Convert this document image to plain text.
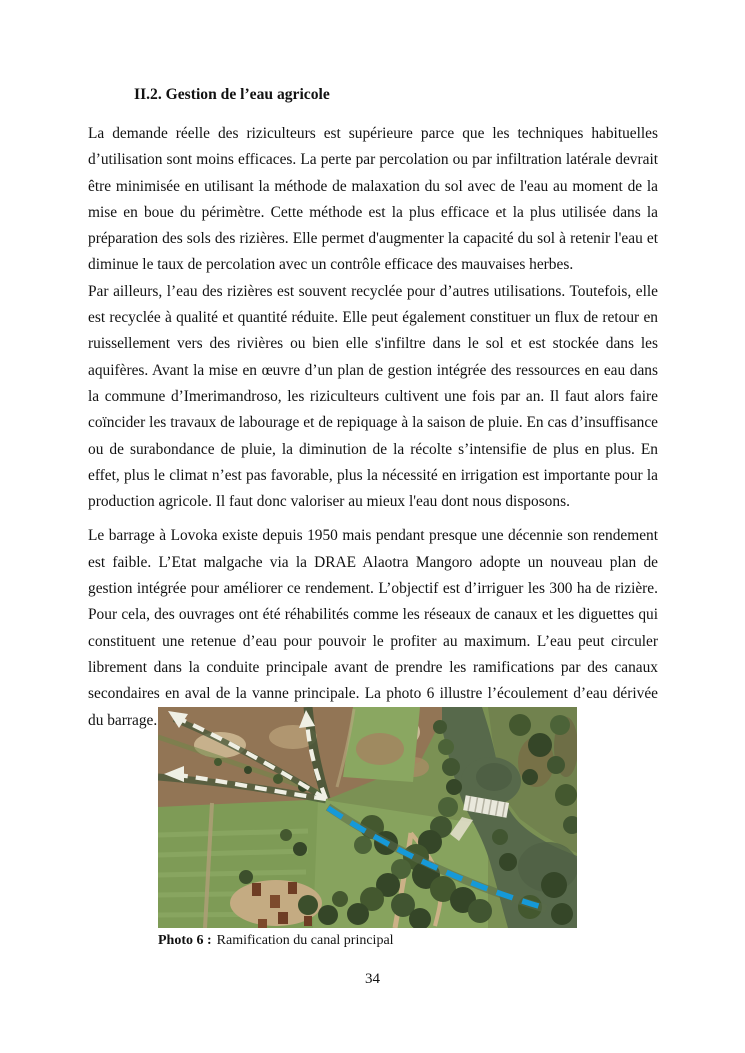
II.2. Gestion de l’eau agricole

La demande réelle des riziculteurs est supérieure parce que les techniques habituelles d’utilisation sont moins efficaces. La perte par percolation ou par infiltration latérale devrait être minimisée en utilisant la méthode de malaxation du sol avec de l'eau au moment de la mise en boue du périmètre. Cette méthode est la plus efficace et la plus utilisée dans la préparation des sols des rizières. Elle permet d'augmenter la capacité du sol à retenir l'eau et diminue le taux de percolation avec un contrôle efficace des mauvaises herbes.

Par ailleurs, l’eau des rizières est souvent recyclée pour d’autres utilisations. Toutefois, elle est recyclée à qualité et quantité réduite. Elle peut également constituer un flux de retour en ruissellement vers des rivières ou bien elle s'infiltre dans le sol et est stockée dans les aquifères. Avant la mise en œuvre d’un plan de gestion intégrée des ressources en eau dans la commune d’Imerimandroso, les riziculteurs cultivent une fois par an. Il faut alors faire coïncider les travaux de labourage et de repiquage à la saison de pluie. En cas d’insuffisance ou de surabondance de pluie, la diminution de la récolte s’intensifie de plus en plus. En effet, plus le climat n’est pas favorable, plus la nécessité en irrigation est importante pour la production agricole. Il faut donc valoriser au mieux l'eau dont nous disposons.

Le barrage à Lovoka existe depuis 1950 mais pendant presque une décennie son rendement est faible. L’Etat malgache via la DRAE Alaotra Mangoro adopte un nouveau plan de gestion intégrée pour améliorer ce rendement. L’objectif est d’irriguer les 300 ha de rizière. Pour cela, des ouvrages ont été réhabilités comme les réseaux de canaux et les diguettes qui constituent une retenue d’eau pour pouvoir le profiter au maximum. L’eau peut circuler librement dans la conduite principale avant de prendre les ramifications par des canaux secondaires en aval de la vanne principale. La photo 6 illustre l’écoulement d’eau dérivée du barrage.

Photo 6 : Ramification du canal principal
34
